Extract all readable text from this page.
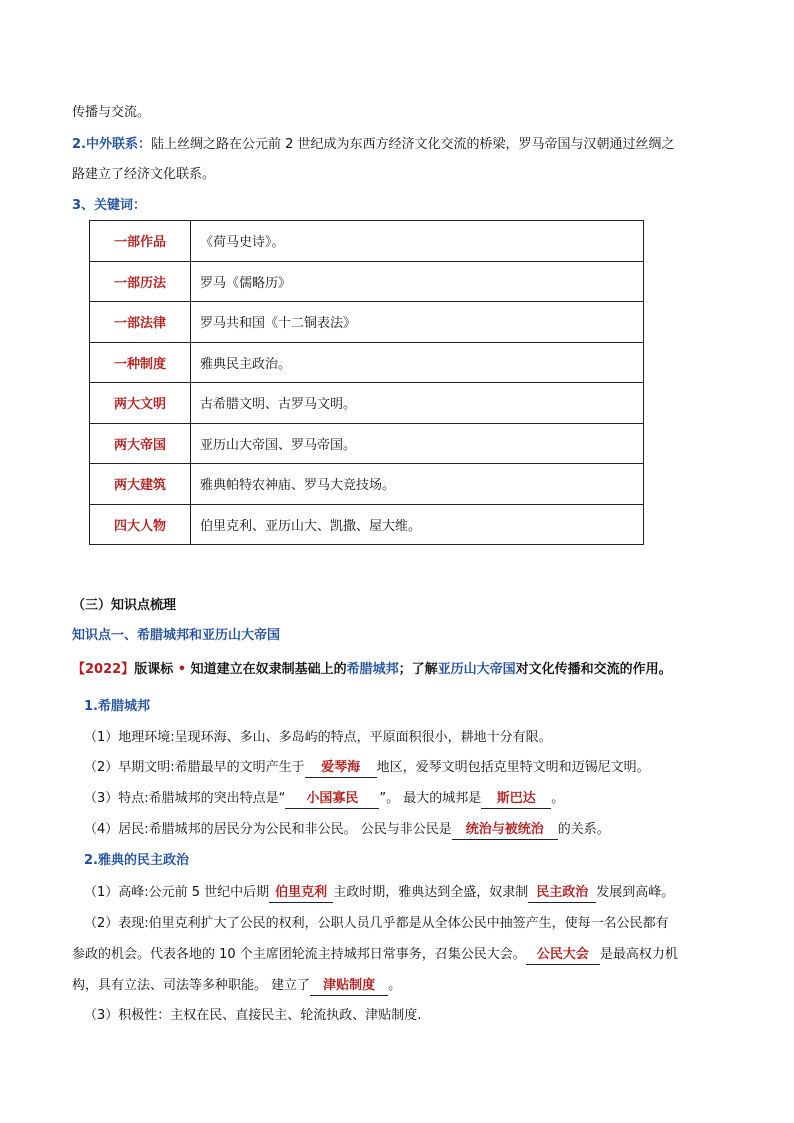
传播与交流。
2.中外联系：陆上丝绸之路在公元前 2 世纪成为东西方经济文化交流的桥梁，罗马帝国与汉朝通过丝绸之
路建立了经济文化联系。
3、关键词：
一部作品	《荷马史诗》。
一部历法	罗马《儒略历》
一部法律	罗马共和国《十二铜表法》
一种制度	雅典民主政治。
两大文明	古希腊文明、古罗马文明。
两大帝国	亚历山大帝国、罗马帝国。
两大建筑	雅典帕特农神庙、罗马大竞技场。
四大人物	伯里克利、亚历山大、凯撒、屋大维。
（三）知识点梳理
知识点一、希腊城邦和亚历山大帝国
【2022】版课标 • 知道建立在奴隶制基础上的希腊城邦；了解亚历山大帝国对文化传播和交流的作用。
1.希腊城邦
（1）地理环境:呈现环海、多山、多岛屿的特点，平原面积很小，耕地十分有限。
（2）早期文明:希腊最早的文明产生于 爱琴海 地区，爱琴文明包括克里特文明和迈锡尼文明。
（3）特点:希腊城邦的突出特点是“ 小国寡民 ”。 最大的城邦是 斯巴达 。
（4）居民:希腊城邦的居民分为公民和非公民。 公民与非公民是 统治与被统治 的关系。
2.雅典的民主政治
（1）高峰:公元前 5 世纪中后期 伯里克利 主政时期，雅典达到全盛，奴隶制 民主政治 发展到高峰。
（2）表现:伯里克利扩大了公民的权利，公职人员几乎都是从全体公民中抽签产生，使每一名公民都有
参政的机会。代表各地的 10 个主席团轮流主持城邦日常事务，召集公民大会。 公民大会 是最高权力机
构，具有立法、司法等多种职能。 建立了 津贴制度 。
（3）积极性：主权在民、直接民主、轮流执政、津贴制度.
